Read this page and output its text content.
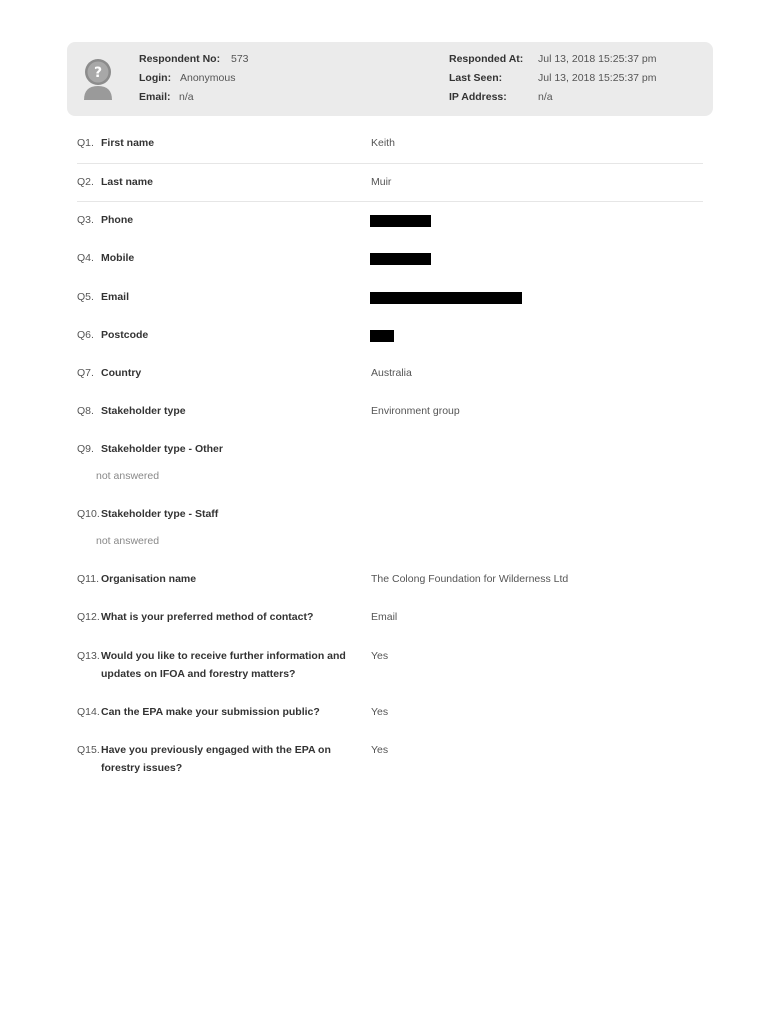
?
Respondent No: 573
Login: Anonymous
Email: n/a
Responded At: Jul 13, 2018 15:25:37 pm
Last Seen:	Jul 13, 2018 15:25:37 pm
IP Address:	n/a
Q1. First name	Keith
Q2. Last name	Muir
Q3. Phone
Q4. Mobile
Q5. Email
Q6. Postcode
Q7. Country	Australia
Q8. Stakeholder type	Environment group
Q9. Stakeholder type - Other
not answered
Q10. Stakeholder type - Staff
not answered
Q11. Organisation name	The Colong Foundation for Wilderness Ltd
Q12. What is your preferred method of contact?	Email
Q13. Would you like to receive further information and updates on IFOA and forestry matters?
Yes
Q14. Can the EPA make your submission public?	Yes
Q15. Have you previously engaged with the EPA on forestry issues?
Yes
